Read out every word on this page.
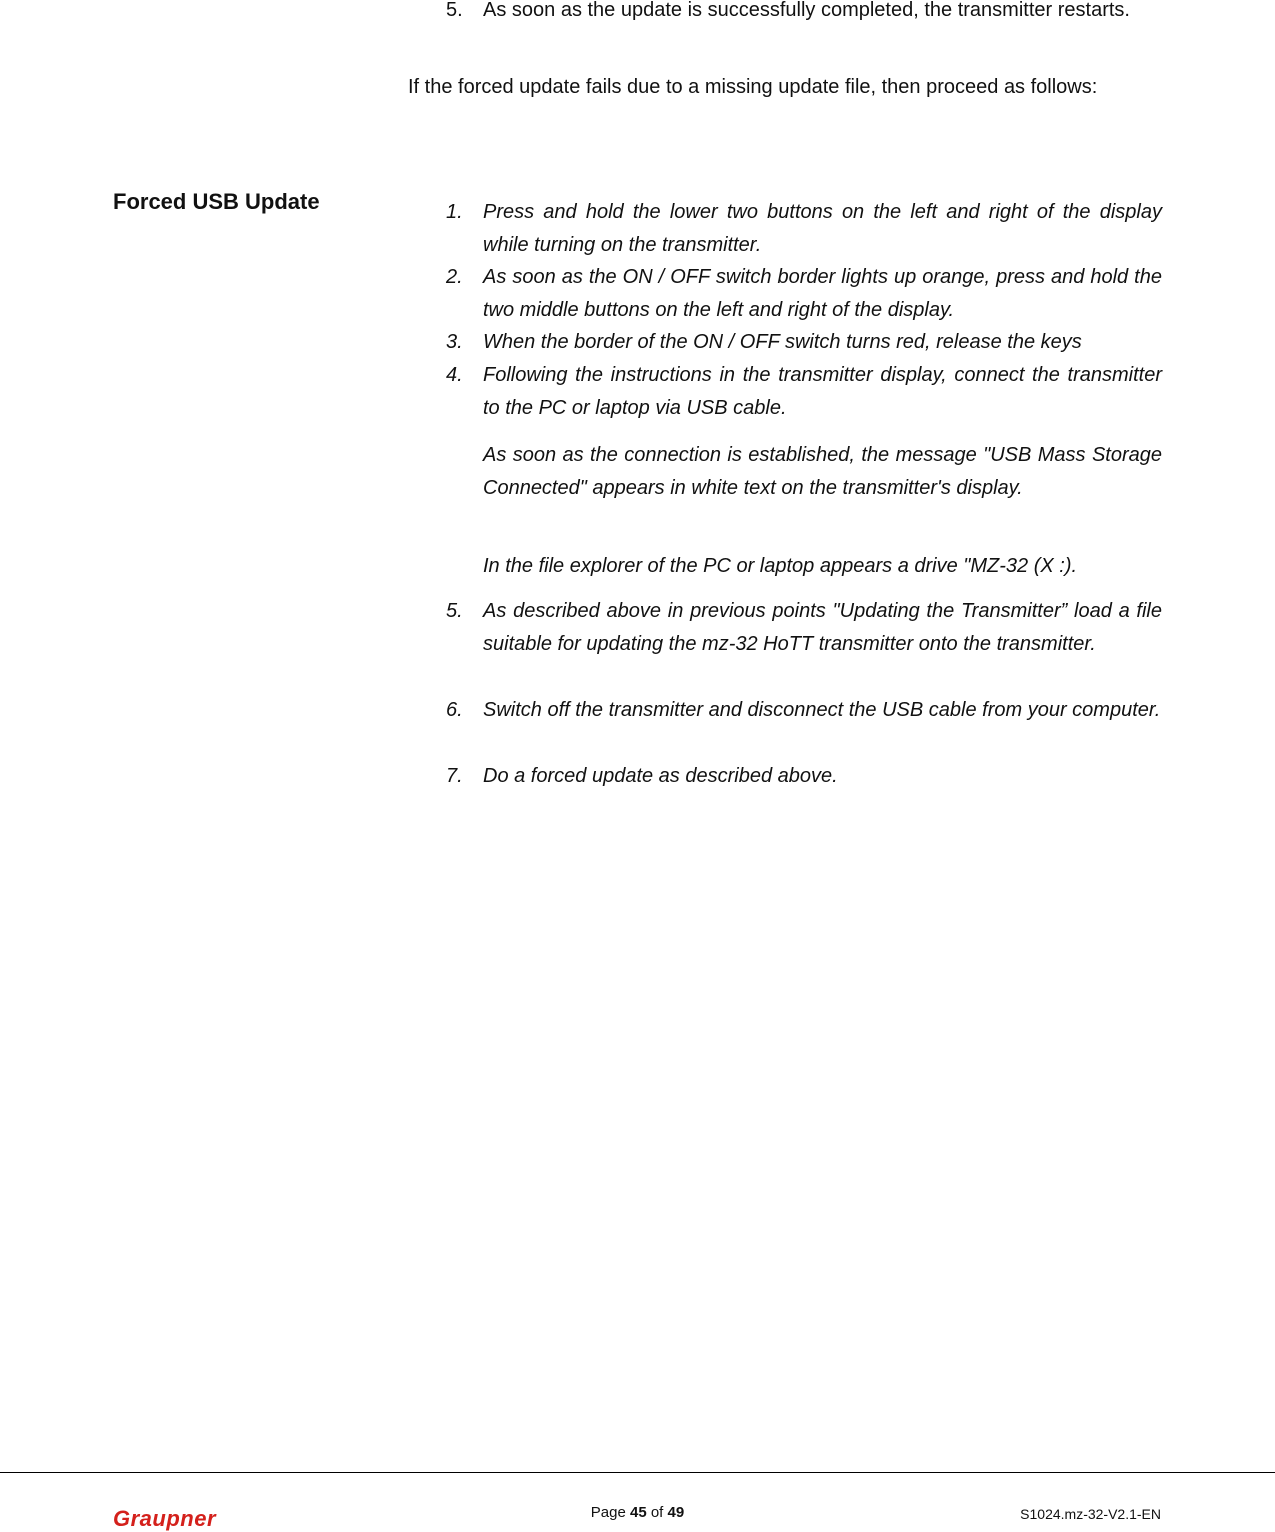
5.	As soon as the update is successfully completed, the transmitter restarts.

If the forced update fails due to a missing update file, then proceed as follows:

Forced USB Update	1.	Press and hold the lower two buttons on the left and right of the display while turning on the transmitter.
2.	As soon as the ON / OFF switch border lights up orange, press and hold the two middle buttons on the left and right of the display.
3.	When the border of the ON / OFF switch turns red, release the keys
4.	Following the instructions in the transmitter display, connect the transmitter to the PC or laptop via USB cable.

As soon as the connection is established, the message "USB Mass Storage Connected" appears in white text on the transmitter's display.

In the file explorer of the PC or laptop appears a drive "MZ-32 (X :).

5.	As described above in previous points "Updating the Transmitter” load a file suitable for updating the mz-32 HoTT transmitter onto the transmitter.
6.	Switch off the transmitter and disconnect the USB cable from your computer.
7.	Do a forced update as described above.
Graupner	Page 45 of 49	S1024.mz-32-V2.1-EN
